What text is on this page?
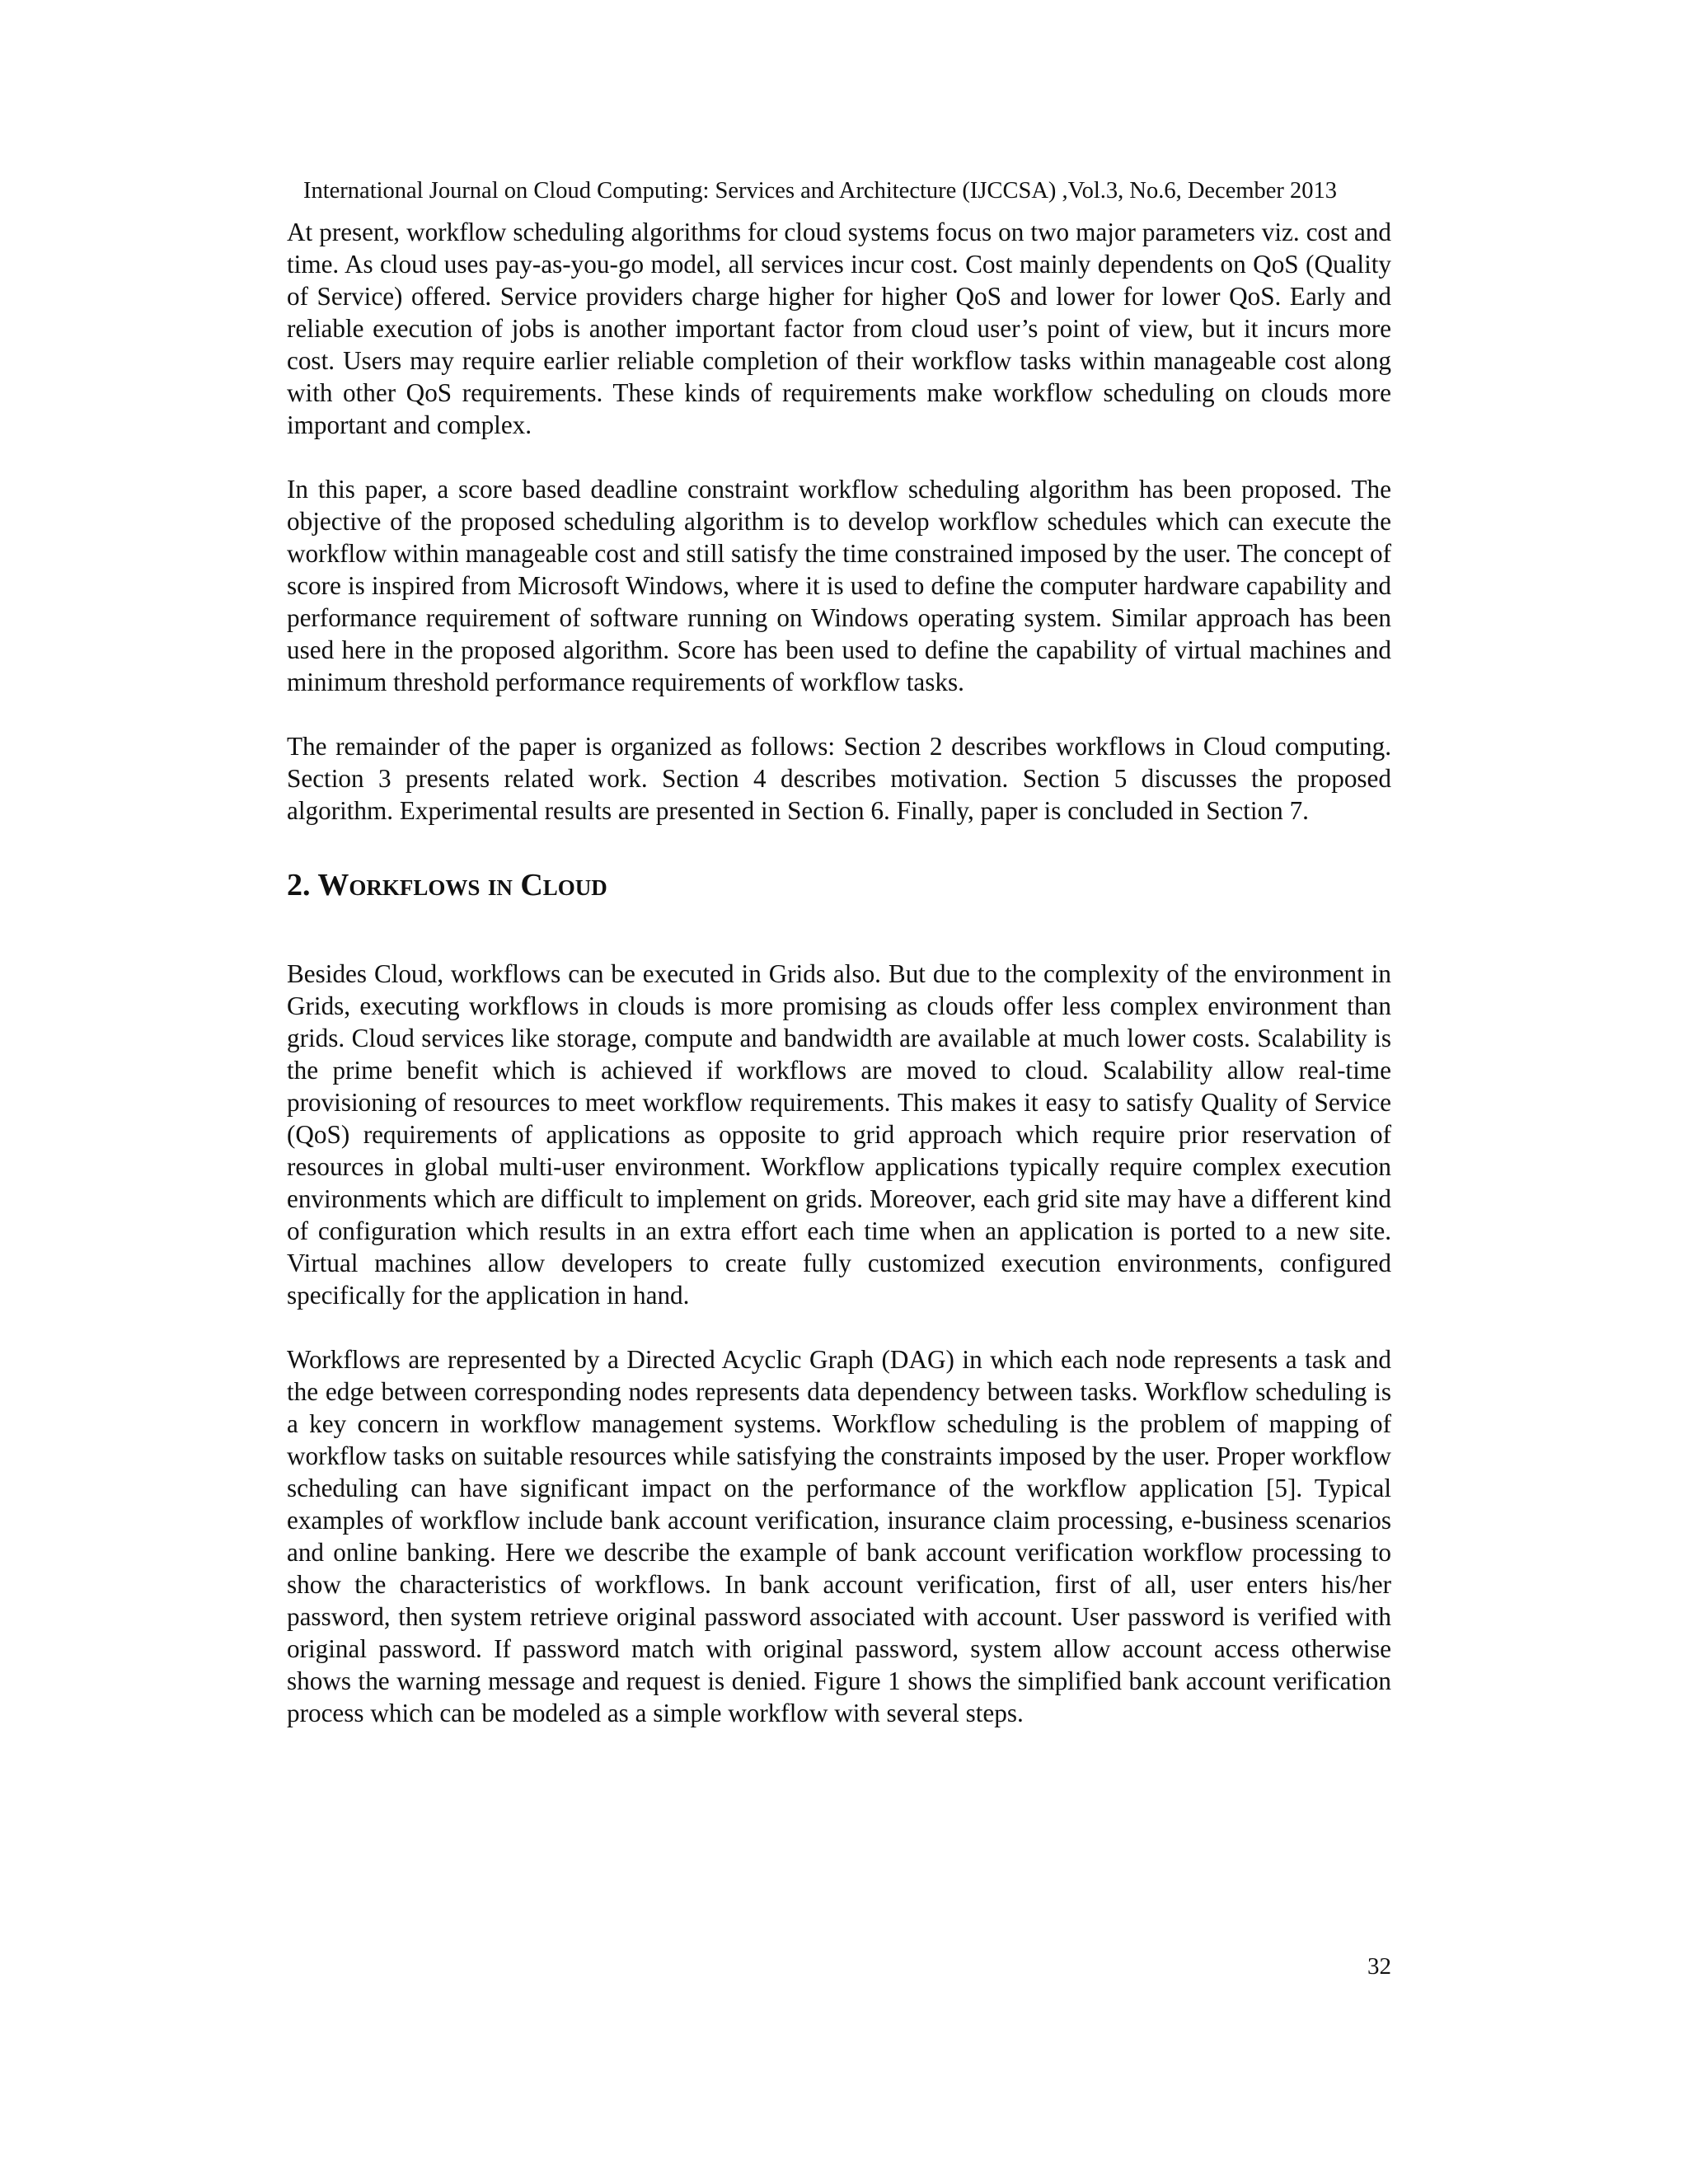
International Journal on Cloud Computing: Services and Architecture (IJCCSA) ,Vol.3, No.6, December 2013

At present, workflow scheduling algorithms for cloud systems focus on two major parameters viz. cost and time. As cloud uses pay-as-you-go model, all services incur cost. Cost mainly dependents on QoS (Quality of Service) offered. Service providers charge higher for higher QoS and lower for lower QoS. Early and reliable execution of jobs is another important factor from cloud user’s point of view, but it incurs more cost. Users may require earlier reliable completion of their workflow tasks within manageable cost along with other QoS requirements. These kinds of requirements make workflow scheduling on clouds more important and complex.

In this paper, a score based deadline constraint workflow scheduling algorithm has been proposed. The objective of the proposed scheduling algorithm is to develop workflow schedules which can execute the workflow within manageable cost and still satisfy the time constrained imposed by the user. The concept of score is inspired from Microsoft Windows, where it is used to define the computer hardware capability and performance requirement of software running on Windows operating system. Similar approach has been used here in the proposed algorithm. Score has been used to define the capability of virtual machines and minimum threshold performance requirements of workflow tasks.

The remainder of the paper is organized as follows: Section 2 describes workflows in Cloud computing. Section 3 presents related work. Section 4 describes motivation. Section 5 discusses the proposed algorithm. Experimental results are presented in Section 6. Finally, paper is concluded in Section 7.

2. Workflows in Cloud

Besides Cloud, workflows can be executed in Grids also. But due to the complexity of the environment in Grids, executing workflows in clouds is more promising as clouds offer less complex environment than grids. Cloud services like storage, compute and bandwidth are available at much lower costs. Scalability is the prime benefit which is achieved if workflows are moved to cloud. Scalability allow real-time provisioning of resources to meet workflow requirements. This makes it easy to satisfy Quality of Service (QoS) requirements of applications as opposite to grid approach which require prior reservation of resources in global multi-user environment. Workflow applications typically require complex execution environments which are difficult to implement on grids. Moreover, each grid site may have a different kind of configuration which results in an extra effort each time when an application is ported to a new site. Virtual machines allow developers to create fully customized execution environments, configured specifically for the application in hand.

Workflows are represented by a Directed Acyclic Graph (DAG) in which each node represents a task and the edge between corresponding nodes represents data dependency between tasks. Workflow scheduling is a key concern in workflow management systems. Workflow scheduling is the problem of mapping of workflow tasks on suitable resources while satisfying the constraints imposed by the user. Proper workflow scheduling can have significant impact on the performance of the workflow application [5]. Typical examples of workflow include bank account verification, insurance claim processing, e-business scenarios and online banking. Here we describe the example of bank account verification workflow processing to show the characteristics of workflows. In bank account verification, first of all, user enters his/her password, then system retrieve original password associated with account. User password is verified with original password. If password match with original password, system allow account access otherwise shows the warning message and request is denied. Figure 1 shows the simplified bank account verification process which can be modeled as a simple workflow with several steps.

32
